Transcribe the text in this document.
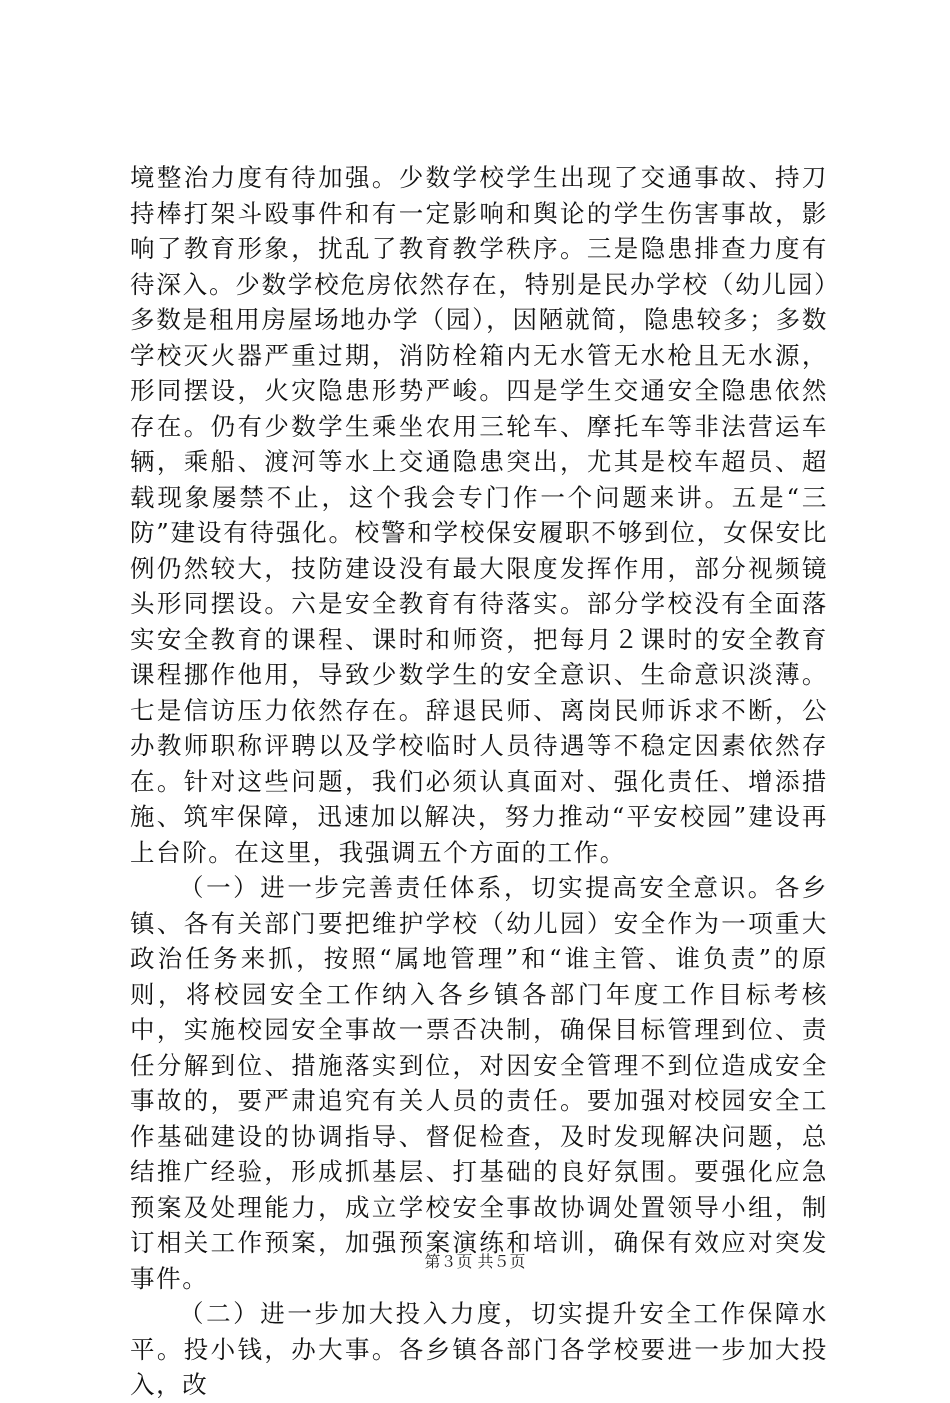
境整治力度有待加强。少数学校学生出现了交通事故、持刀持棒打架斗殴事件和有一定影响和舆论的学生伤害事故，影响了教育形象，扰乱了教育教学秩序。三是隐患排查力度有待深入。少数学校危房依然存在，特别是民办学校（幼儿园）多数是租用房屋场地办学（园），因陋就简，隐患较多；多数学校灭火器严重过期，消防栓箱内无水管无水枪且无水源，形同摆设，火灾隐患形势严峻。四是学生交通安全隐患依然存在。仍有少数学生乘坐农用三轮车、摩托车等非法营运车辆，乘船、渡河等水上交通隐患突出，尤其是校车超员、超载现象屡禁不止，这个我会专门作一个问题来讲。五是“三防”建设有待强化。校警和学校保安履职不够到位，女保安比例仍然较大，技防建设没有最大限度发挥作用，部分视频镜头形同摆设。六是安全教育有待落实。部分学校没有全面落实安全教育的课程、课时和师资，把每月２课时的安全教育课程挪作他用，导致少数学生的安全意识、生命意识淡薄。七是信访压力依然存在。辞退民师、离岗民师诉求不断，公办教师职称评聘以及学校临时人员待遇等不稳定因素依然存在。针对这些问题，我们必须认真面对、强化责任、增添措施、筑牢保障，迅速加以解决，努力推动“平安校园”建设再上台阶。在这里，我强调五个方面的工作。

（一）进一步完善责任体系，切实提高安全意识。各乡镇、各有关部门要把维护学校（幼儿园）安全作为一项重大政治任务来抓，按照“属地管理”和“谁主管、谁负责”的原则，将校园安全工作纳入各乡镇各部门年度工作目标考核中，实施校园安全事故一票否决制，确保目标管理到位、责任分解到位、措施落实到位，对因安全管理不到位造成安全事故的，要严肃追究有关人员的责任。要加强对校园安全工作基础建设的协调指导、督促检查，及时发现解决问题，总结推广经验，形成抓基层、打基础的良好氛围。要强化应急预案及处理能力，成立学校安全事故协调处置领导小组，制订相关工作预案，加强预案演练和培训，确保有效应对突发事件。

（二）进一步加大投入力度，切实提升安全工作保障水平。投小钱，办大事。各乡镇各部门各学校要进一步加大投入，改

第３页 共５页
